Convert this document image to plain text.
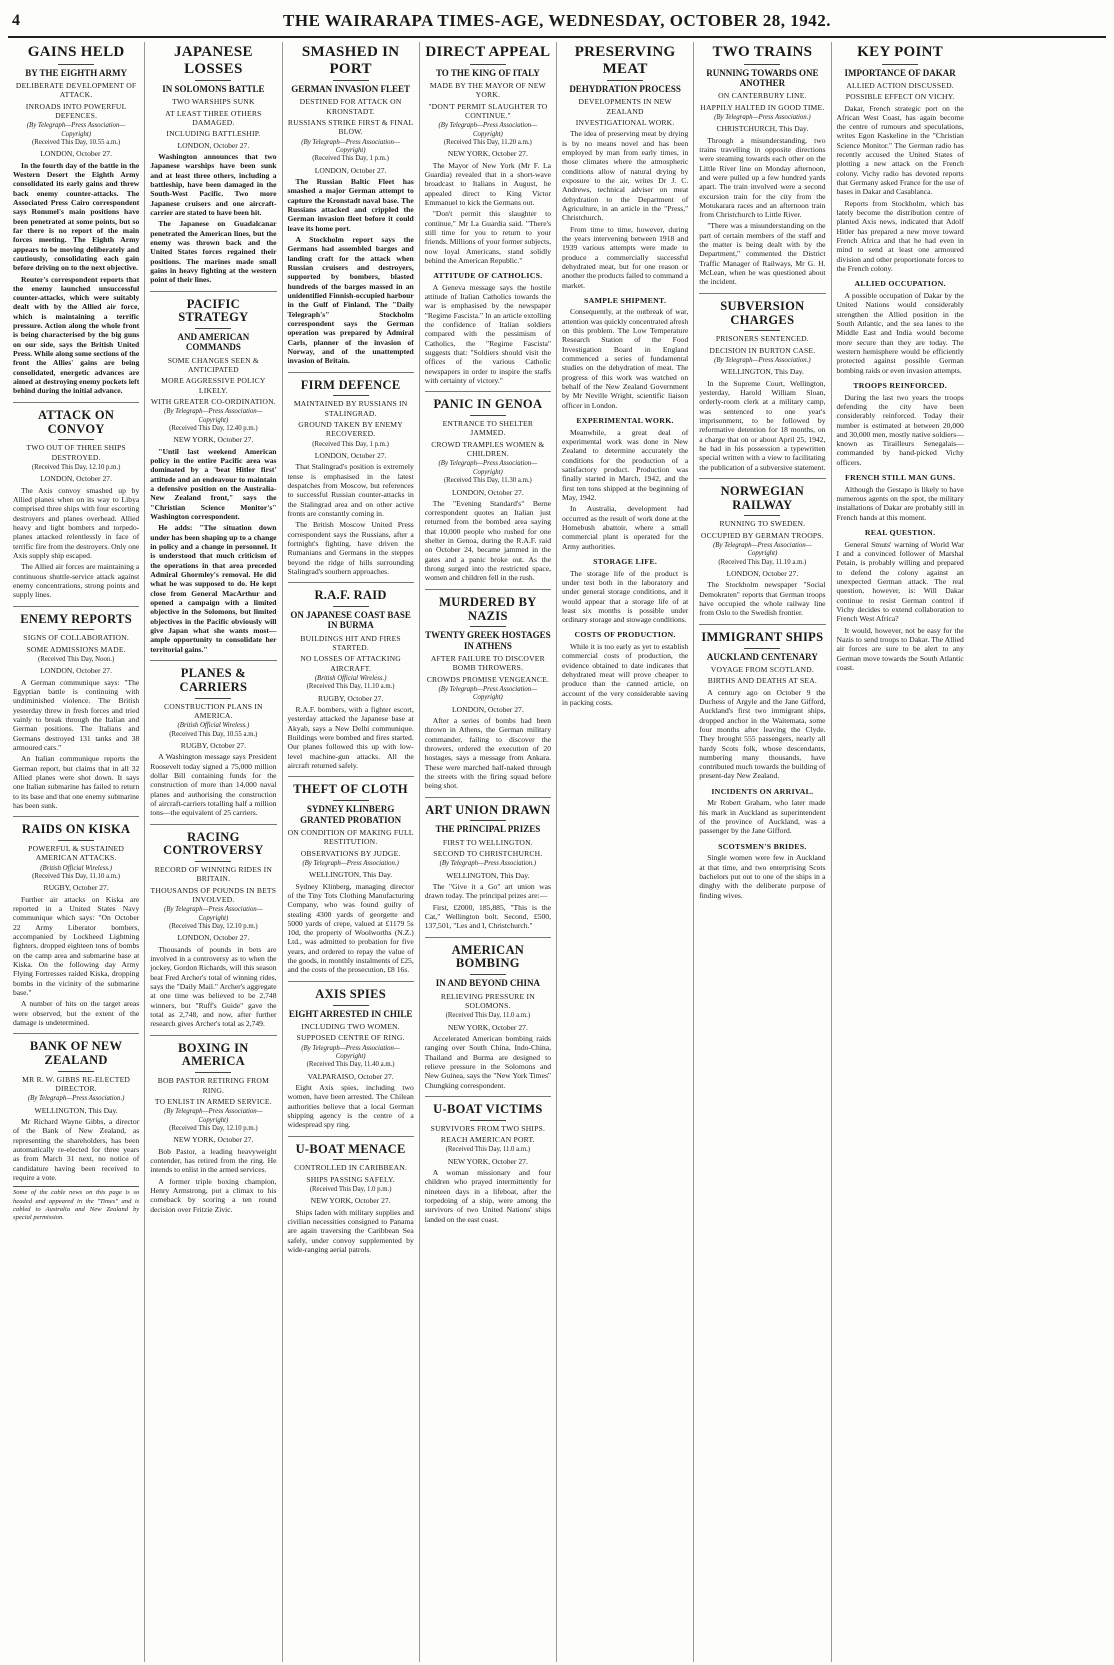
4	THE WAIRARAPA TIMES-AGE, WEDNESDAY, OCTOBER 28, 1942.
GAINS HELD
BY THE EIGHTH ARMY
DELIBERATE DEVELOPMENT OF ATTACK.
INROADS INTO POWERFUL DEFENCES.
(By Telegraph—Press Association—Copyright)
(Received This Day, 10.55 a.m.)
LONDON, October 27.

In the fourth day of the battle in the Western Desert the Eighth Army consolidated its early gains and threw back enemy counter-attacks. The Associated Press Cairo correspondent says Rommel's main positions have been penetrated at some points, but so far there is no report of the main forces meeting. The Eighth Army appears to be moving deliberately and cautiously, consolidating each gain before driving on to the next objective.

Reuter's correspondent reports that the enemy launched unsuccessful counter-attacks, which were suitably dealt with by the Allied air force, which is maintaining a terrific pressure. Action along the whole front is being characterised by the big guns on our side, says the British United Press. While along some sections of the front the Allies' gains are being consolidated, energetic advances are aimed at destroying enemy pockets left behind during the initial advance.

ATTACK ON CONVOY
TWO OUT OF THREE SHIPS DESTROYED.
(Received This Day, 12.10 p.m.)
LONDON, October 27.

The Axis convoy smashed up by Allied planes when on its way to Libya comprised three ships with four escorting destroyers and planes overhead. Allied heavy and light bombers and torpedo-planes attacked relentlessly in face of terrific fire from the destroyers. Only one Axis supply ship escaped.

The Allied air forces are maintaining a continuous shuttle-service attack against enemy concentrations, strong points and supply lines.

ENEMY REPORTS
SIGNS OF COLLABORATION.
SOME ADMISSIONS MADE.
(Received This Day, Noon.)
LONDON, October 27.

A German communique says: "The Egyptian battle is continuing with undiminished violence. The British yesterday threw in fresh forces and tried vainly to break through the Italian and German positions. The Italians and Germans destroyed 131 tanks and 38 armoured cars."

An Italian communique reports the German report, but claims that in all 32 Allied planes were shot down. It says one Italian submarine has failed to return to its base and that one enemy submarine has been sunk.

RAIDS ON KISKA
POWERFUL & SUSTAINED AMERICAN ATTACKS.
(British Official Wireless.)
(Received This Day, 11.10 a.m.)
RUGBY, October 27.

Further air attacks on Kiska are reported in a United States Navy communique which says: "On October 22 Army Liberator bombers, accompanied by Lockheed Lightning fighters, dropped eighteen tons of bombs on the camp area and submarine base at Kiska. On the following day Army Flying Fortresses raided Kiska, dropping bombs in the vicinity of the submarine base."

A number of hits on the target areas were observed, but the extent of the damage is undetermined.

BANK OF NEW ZEALAND
MR R. W. GIBBS RE-ELECTED DIRECTOR.
(By Telegraph—Press Association.)
WELLINGTON, This Day.

Mr Richard Wayne Gibbs, a director of the Bank of New Zealand, as representing the shareholders, has been automatically re-elected for three years as from March 31 next, no notice of candidature having been received to require a vote.

Some of the cable news on this page is so headed and appeared in the "Times" and is cabled to Australia and New Zealand by special permission.
JAPANESE LOSSES
IN SOLOMONS BATTLE
TWO WARSHIPS SUNK
AT LEAST THREE OTHERS DAMAGED.
INCLUDING BATTLESHIP.
LONDON, October 27.

Washington announces that two Japanese warships have been sunk and at least three others, including a battleship, have been damaged in the South-West Pacific. Two more Japanese cruisers and one aircraft-carrier are stated to have been hit.

The Japanese on Guadalcanar penetrated the American lines, but the enemy was thrown back and the United States forces regained their positions. The marines made small gains in heavy fighting at the western point of their lines.

PACIFIC STRATEGY
AND AMERICAN COMMANDS
SOME CHANGES SEEN & ANTICIPATED
MORE AGGRESSIVE POLICY LIKELY.
WITH GREATER CO-ORDINATION.
(By Telegraph—Press Association—Copyright)
(Received This Day, 12.40 p.m.)
NEW YORK, October 27.

"Until last weekend American policy in the entire Pacific area was dominated by a 'beat Hitler first' attitude and an endeavour to maintain a defensive position on the Australia-New Zealand front," says the "Christian Science Monitor's" Washington correspondent.

He adds: "The situation down under has been shaping up to a change in policy and a change in personnel. It is understood that much criticism of the operations in that area preceded Admiral Ghormley's removal. He did what he was supposed to do. He kept close from General MacArthur and opened a campaign with a limited objective in the Solomons, but limited objectives in the Pacific obviously will give Japan what she wants most—ample opportunity to consolidate her territorial gains."

PLANES & CARRIERS
CONSTRUCTION PLANS IN AMERICA.
(British Official Wireless.)
(Received This Day, 10.55 a.m.)
RUGBY, October 27.

A Washington message says President Roosevelt today signed a 75,000 million dollar Bill containing funds for the construction of more than 14,000 naval planes and authorising the construction of aircraft-carriers totalling half a million tons—the equivalent of 25 carriers.

RACING CONTROVERSY
RECORD OF WINNING RIDES IN BRITAIN.
THOUSANDS OF POUNDS IN BETS INVOLVED.
(By Telegraph—Press Association—Copyright)
(Received This Day, 12.10 p.m.)
LONDON, October 27.

Thousands of pounds in bets are involved in a controversy as to when the jockey, Gordon Richards, will this season beat Fred Archer's total of winning rides, says the "Daily Mail." Archer's aggregate at one time was believed to be 2,748 winners, but "Ruff's Guide" gave the total as 2,748, and now, after further research gives Archer's total as 2,749.

BOXING IN AMERICA
BOB PASTOR RETIRING FROM RING.
TO ENLIST IN ARMED SERVICE.
(By Telegraph—Press Association—Copyright)
(Received This Day, 12.10 p.m.)
NEW YORK, October 27.

Bob Pastor, a leading heavyweight contender, has retired from the ring. He intends to enlist in the armed services.

A former triple boxing champion, Henry Armstrong, put a climax to his comeback by scoring a ten round decision over Fritzie Zivic.

SMASHED IN PORT
GERMAN INVASION FLEET
DESTINED FOR ATTACK ON KRONSTADT.
RUSSIANS STRIKE FIRST & FINAL BLOW.
(By Telegraph—Press Association—Copyright)
(Received This Day, 1 p.m.)
LONDON, October 27.

The Russian Baltic Fleet has smashed a major German attempt to capture the Kronstadt naval base. The Russians attacked and crippled the German invasion fleet before it could leave its home port.

A Stockholm report says the Germans had assembled barges and landing craft for the attack when Russian cruisers and destroyers, supported by bombers, blasted hundreds of the barges massed in an unidentified Finnish-occupied harbour in the Gulf of Finland. The "Daily Telegraph's" Stockholm correspondent says the German operation was prepared by Admiral Carls, planner of the invasion of Norway, and of the unattempted invasion of Britain.

FIRM DEFENCE
MAINTAINED BY RUSSIANS IN STALINGRAD.
GROUND TAKEN BY ENEMY RECOVERED.
(Received This Day, 1 p.m.)
LONDON, October 27.

That Stalingrad's position is extremely tense is emphasised in the latest despatches from Moscow, but references to successful Russian counter-attacks in the Stalingrad area and on other active fronts are constantly coming in.

The British Moscow United Press correspondent says the Russians, after a fortnight's fighting, have driven the Rumanians and Germans in the steppes beyond the ridge of hills surrounding Stalingrad's southern approaches.

R.A.F. RAID
ON JAPANESE COAST BASE IN BURMA
BUILDINGS HIT AND FIRES STARTED.
NO LOSSES OF ATTACKING AIRCRAFT.
(British Official Wireless.)
(Received This Day, 11.10 a.m.)
RUGBY, October 27.

R.A.F. bombers, with a fighter escort, yesterday attacked the Japanese base at Akyab, says a New Delhi communique. Buildings were bombed and fires started. Our planes followed this up with low-level machine-gun attacks. All the aircraft returned safely.

THEFT OF CLOTH
SYDNEY KLINBERG GRANTED PROBATION
ON CONDITION OF MAKING FULL RESTITUTION.
OBSERVATIONS BY JUDGE.
(By Telegraph—Press Association.)
WELLINGTON, This Day.

Sydney Klinberg, managing director of the Tiny Tots Clothing Manufacturing Company, who was found guilty of stealing 4300 yards of georgette and 5000 yards of crepe, valued at £1179 5s 10d, the property of Woolworths (N.Z.) Ltd., was admitted to probation for five years, and ordered to repay the value of the goods, in monthly instalments of £25, and the costs of the prosecution, £8 16s.

AXIS SPIES
EIGHT ARRESTED IN CHILE
INCLUDING TWO WOMEN.
SUPPOSED CENTRE OF RING.
(By Telegraph—Press Association—Copyright)
(Received This Day, 11.40 a.m.)
VALPARAISO, October 27.

Eight Axis spies, including two women, have been arrested. The Chilean authorities believe that a local German shipping agency is the centre of a widespread spy ring.

U-BOAT MENACE
CONTROLLED IN CARIBBEAN.
SHIPS PASSING SAFELY.
(Received This Day, 1.0 p.m.)
NEW YORK, October 27.

Ships laden with military supplies and civilian necessities consigned to Panama are again traversing the Caribbean Sea safely, under convoy supplemented by wide-ranging aerial patrols.

DIRECT APPEAL
TO THE KING OF ITALY
MADE BY THE MAYOR OF NEW YORK.
"DON'T PERMIT SLAUGHTER TO CONTINUE."
(By Telegraph—Press Association—Copyright)
(Received This Day, 11.20 a.m.)
NEW YORK, October 27.

The Mayor of New York (Mr F. La Guardia) revealed that in a short-wave broadcast to Italians in August, he appealed direct to King Victor Emmanuel to kick the Germans out.

"Don't permit this slaughter to continue," Mr La Guardia said. "There's still time for you to return to your friends. Millions of your former subjects, now loyal Americans, stand solidly behind the American Republic."

ATTITUDE OF CATHOLICS.

A Geneva message says the hostile attitude of Italian Catholics towards the war is emphasised by the newspaper "Regime Fascista." In an article extolling the confidence of Italian soldiers compared with the pessimism of Catholics, the "Regime Fascista" suggests that: "Soldiers should visit the offices of the various Catholic newspapers in order to inspire the staffs with certainty of victory."

PANIC IN GENOA
ENTRANCE TO SHELTER JAMMED.
CROWD TRAMPLES WOMEN & CHILDREN.
(By Telegraph—Press Association—Copyright)
(Received This Day, 11.30 a.m.)
LONDON, October 27.

The "Evening Standard's" Berne correspondent quotes an Italian just returned from the bombed area saying that 10,000 people who rushed for one shelter in Genoa, during the R.A.F. raid on October 24, became jammed in the gates and a panic broke out. As the throng surged into the restricted space, women and children fell in the rush.

MURDERED BY NAZIS
TWENTY GREEK HOSTAGES IN ATHENS
AFTER FAILURE TO DISCOVER BOMB THROWERS.
CROWDS PROMISE VENGEANCE.
(By Telegraph—Press Association—Copyright)
LONDON, October 27.

After a series of bombs had been thrown in Athens, the German military commander, failing to discover the throwers, ordered the execution of 20 hostages, says a message from Ankara. These were marched half-naked through the streets with the firing squad before being shot.

ART UNION DRAWN
THE PRINCIPAL PRIZES
FIRST TO WELLINGTON.
SECOND TO CHRISTCHURCH.
(By Telegraph—Press Association.)
WELLINGTON, This Day.

The "Give it a Go" art union was drawn today. The principal prizes are:—

First, £2000, 185,885, "This is the Cat," Wellington bolt. Second, £500, 137,501, "Les and I, Christchurch."

AMERICAN BOMBING
IN AND BEYOND CHINA
RELIEVING PRESSURE IN SOLOMONS.
(Received This Day, 11.0 a.m.)
NEW YORK, October 27.

Accelerated American bombing raids ranging over South China, Indo-China, Thailand and Burma are designed to relieve pressure in the Solomons and New Guinea, says the "New York Times" Chungking correspondent.

U-BOAT VICTIMS
SURVIVORS FROM TWO SHIPS.
REACH AMERICAN PORT.
(Received This Day, 11.0 a.m.)
NEW YORK, October 27.

A woman missionary and four children who prayed intermittently for nineteen days in a lifeboat, after the torpedoing of a ship, were among the survivors of two United Nations' ships landed on the east coast.

PRESERVING MEAT
DEHYDRATION PROCESS
DEVELOPMENTS IN NEW ZEALAND
INVESTIGATIONAL WORK.

The idea of preserving meat by drying is by no means novel and has been employed by man from early times, in those climates where the atmospheric conditions allow of natural drying by exposure to the air, writes Dr J. C. Andrews, technical adviser on meat dehydration to the Department of Agriculture, in an article in the "Press," Christchurch.

From time to time, however, during the years intervening between 1918 and 1939 various attempts were made to produce a commercially successful dehydrated meat, but for one reason or another the products failed to command a market.

SAMPLE SHIPMENT.

Consequently, at the outbreak of war, attention was quickly concentrated afresh on this problem. The Low Temperature Research Station of the Food Investigation Board in England commenced a series of fundamental studies on the dehydration of meat. The progress of this work was watched on behalf of the New Zealand Government by Mr Neville Wright, scientific liaison officer in London.

EXPERIMENTAL WORK.

Meanwhile, a great deal of experimental work was done in New Zealand to determine accurately the conditions for the production of a satisfactory product. Production was finally started in March, 1942, and the first ten tons shipped at the beginning of May, 1942.

In Australia, development had occurred as the result of work done at the Homebush abattoir, where a small commercial plant is operated for the Army authorities.

STORAGE LIFE.

The storage life of the product is under test both in the laboratory and under general storage conditions, and it would appear that a storage life of at least six months is possible under ordinary storage and stowage conditions.

COSTS OF PRODUCTION.

While it is too early as yet to establish commercial costs of production, the evidence obtained to date indicates that dehydrated meat will prove cheaper to produce than the canned article, on account of the very considerable saving in packing costs.

TWO TRAINS
RUNNING TOWARDS ONE ANOTHER
ON CANTERBURY LINE.
HAPPILY HALTED IN GOOD TIME.
(By Telegraph—Press Association.)
CHRISTCHURCH, This Day.

Through a misunderstanding, two trains travelling in opposite directions were steaming towards each other on the Little River line on Monday afternoon, and were pulled up a few hundred yards apart. The train involved were a second excursion train for the city from the Motukarara races and an afternoon train from Christchurch to Little River.

"There was a misunderstanding on the part of certain members of the staff and the matter is being dealt with by the Department," commented the District Traffic Manager of Railways, Mr G. H. McLean, when he was questioned about the incident.

SUBVERSION CHARGES
PRISONERS SENTENCED.
DECISION IN BURTON CASE.
(By Telegraph—Press Association.)
WELLINGTON, This Day.

In the Supreme Court, Wellington, yesterday, Harold William Sloan, orderly-room clerk at a military camp, was sentenced to one year's imprisonment, to be followed by reformative detention for 18 months, on a charge that on or about April 25, 1942, he had in his possession a typewritten special written with a view to facilitating the publication of a subversive statement.

NORWEGIAN RAILWAY
RUNNING TO SWEDEN.
OCCUPIED BY GERMAN TROOPS.
(By Telegraph—Press Association—Copyright)
(Received This Day, 11.10 a.m.)
LONDON, October 27.

The Stockholm newspaper "Social Demokraten" reports that German troops have occupied the whole railway line from Oslo to the Swedish frontier.

IMMIGRANT SHIPS
AUCKLAND CENTENARY
VOYAGE FROM SCOTLAND.
BIRTHS AND DEATHS AT SEA.

A century ago on October 9 the Duchess of Argyle and the Jane Gifford, Auckland's first two immigrant ships, dropped anchor in the Waitemata, some four months after leaving the Clyde. They brought 555 passengers, nearly all hardy Scots folk, whose descendants, numbering many thousands, have contributed much towards the building of present-day New Zealand.

INCIDENTS ON ARRIVAL.

Mr Robert Graham, who later made his mark in Auckland as superintendent of the province of Auckland, was a passenger by the Jane Gifford.

SCOTSMEN'S BRIDES.

Single women were few in Auckland at that time, and two enterprising Scots bachelors put out to one of the ships in a dinghy with the deliberate purpose of finding wives.

KEY POINT
IMPORTANCE OF DAKAR
ALLIED ACTION DISCUSSED.
POSSIBLE EFFECT ON VICHY.

Dakar, French strategic port on the African West Coast, has again become the centre of rumours and speculations, writes Egon Kaskeline in the "Christian Science Monitor." The German radio has recently accused the United States of plotting a new attack on the French colony. Vichy radio has devoted reports that Germany asked France for the use of bases in Dakar and Casablanca.

Reports from Stockholm, which has lately become the distribution centre of planted Axis news, indicated that Adolf Hitler has prepared a new move toward French Africa and that he had even in mind to send at least one armoured division and other proportionate forces to the French colony.

ALLIED OCCUPATION.

A possible occupation of Dakar by the United Nations would considerably strengthen the Allied position in the South Atlantic, and the sea lanes to the Middle East and India would become more secure than they are today. The western hemisphere would be efficiently protected against possible German bombing raids or even invasion attempts.

TROOPS REINFORCED.

During the last two years the troops defending the city have been considerably reinforced. Today their number is estimated at between 20,000 and 30,000 men, mostly native soldiers—known as Tirailleurs Senegalais—commanded by hand-picked Vichy officers.

FRENCH STILL MAN GUNS.

Although the Gestapo is likely to have numerous agents on the spot, the military installations of Dakar are probably still in French hands at this moment.

REAL QUESTION.

General Smuts' warning of World War I and a convinced follower of Marshal Petain, is probably willing and prepared to defend the colony against an unexpected German attack. The real question, however, is: Will Dakar continue to resist German control if Vichy decides to extend collaboration to French West Africa?

It would, however, not be easy for the Nazis to send troops to Dakar. The Allied air forces are sure to be alert to any German move towards the South Atlantic coast.
